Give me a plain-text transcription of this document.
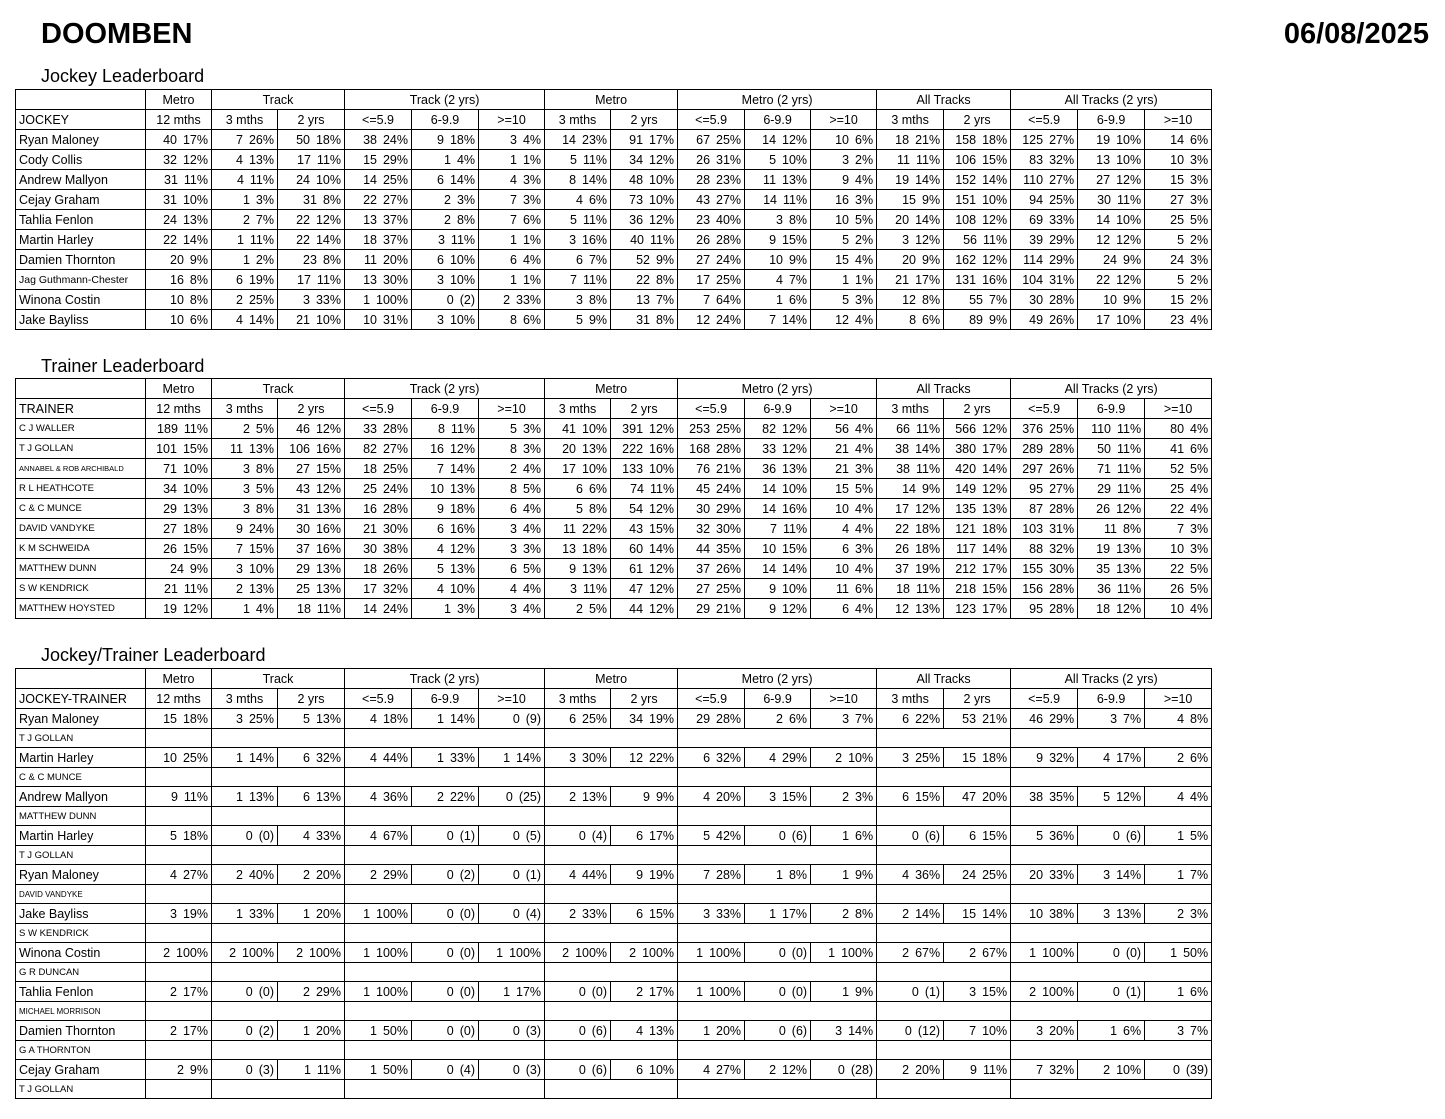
DOOMBEN	06/08/2025
Jockey Leaderboard
	Metro	Track		Track (2 yrs)			Metro		Metro (2 yrs)			All Tracks		All Tracks (2 yrs)		
JOCKEY	12 mths	3 mths	2 yrs	<=5.9	6-9.9	>=10	3 mths	2 yrs	<=5.9	6-9.9	>=10	3 mths	2 yrs	<=5.9	6-9.9	>=10
Ryan Maloney	40 17%	7 26%	50 18%	38 24%	9 18%	3 4%	14 23%	91 17%	67 25%	14 12%	10 6%	18 21%	158 18%	125 27%	19 10%	14 6%
Cody Collis	32 12%	4 13%	17 11%	15 29%	1 4%	1 1%	5 11%	34 12%	26 31%	5 10%	3 2%	11 11%	106 15%	83 32%	13 10%	10 3%
Andrew Mallyon	31 11%	4 11%	24 10%	14 25%	6 14%	4 3%	8 14%	48 10%	28 23%	11 13%	9 4%	19 14%	152 14%	110 27%	27 12%	15 3%
Cejay Graham	31 10%	1 3%	31 8%	22 27%	2 3%	7 3%	4 6%	73 10%	43 27%	14 11%	16 3%	15 9%	151 10%	94 25%	30 11%	27 3%
Tahlia Fenlon	24 13%	2 7%	22 12%	13 37%	2 8%	7 6%	5 11%	36 12%	23 40%	3 8%	10 5%	20 14%	108 12%	69 33%	14 10%	25 5%
Martin Harley	22 14%	1 11%	22 14%	18 37%	3 11%	1 1%	3 16%	40 11%	26 28%	9 15%	5 2%	3 12%	56 11%	39 29%	12 12%	5 2%
Damien Thornton	20 9%	1 2%	23 8%	11 20%	6 10%	6 4%	6 7%	52 9%	27 24%	10 9%	15 4%	20 9%	162 12%	114 29%	24 9%	24 3%
Jag Guthmann-Chester	16 8%	6 19%	17 11%	13 30%	3 10%	1 1%	7 11%	22 8%	17 25%	4 7%	1 1%	21 17%	131 16%	104 31%	22 12%	5 2%
Winona Costin	10 8%	2 25%	3 33%	1 100%	0 (2)	2 33%	3 8%	13 7%	7 64%	1 6%	5 3%	12 8%	55 7%	30 28%	10 9%	15 2%
Jake Bayliss	10 6%	4 14%	21 10%	10 31%	3 10%	8 6%	5 9%	31 8%	12 24%	7 14%	12 4%	8 6%	89 9%	49 26%	17 10%	23 4%
Trainer Leaderboard
	Metro	Track		Track (2 yrs)			Metro		Metro (2 yrs)			All Tracks		All Tracks (2 yrs)		
TRAINER	12 mths	3 mths	2 yrs	<=5.9	6-9.9	>=10	3 mths	2 yrs	<=5.9	6-9.9	>=10	3 mths	2 yrs	<=5.9	6-9.9	>=10
C J WALLER	189 11%	2 5%	46 12%	33 28%	8 11%	5 3%	41 10%	391 12%	253 25%	82 12%	56 4%	66 11%	566 12%	376 25%	110 11%	80 4%
T J GOLLAN	101 15%	11 13%	106 16%	82 27%	16 12%	8 3%	20 13%	222 16%	168 28%	33 12%	21 4%	38 14%	380 17%	289 28%	50 11%	41 6%
ANNABEL & ROB ARCHIBALD	71 10%	3 8%	27 15%	18 25%	7 14%	2 4%	17 10%	133 10%	76 21%	36 13%	21 3%	38 11%	420 14%	297 26%	71 11%	52 5%
R L HEATHCOTE	34 10%	3 5%	43 12%	25 24%	10 13%	8 5%	6 6%	74 11%	45 24%	14 10%	15 5%	14 9%	149 12%	95 27%	29 11%	25 4%
C & C MUNCE	29 13%	3 8%	31 13%	16 28%	9 18%	6 4%	5 8%	54 12%	30 29%	14 16%	10 4%	17 12%	135 13%	87 28%	26 12%	22 4%
DAVID VANDYKE	27 18%	9 24%	30 16%	21 30%	6 16%	3 4%	11 22%	43 15%	32 30%	7 11%	4 4%	22 18%	121 18%	103 31%	11 8%	7 3%
K M SCHWEIDA	26 15%	7 15%	37 16%	30 38%	4 12%	3 3%	13 18%	60 14%	44 35%	10 15%	6 3%	26 18%	117 14%	88 32%	19 13%	10 3%
MATTHEW DUNN	24 9%	3 10%	29 13%	18 26%	5 13%	6 5%	9 13%	61 12%	37 26%	14 14%	10 4%	37 19%	212 17%	155 30%	35 13%	22 5%
S W KENDRICK	21 11%	2 13%	25 13%	17 32%	4 10%	4 4%	3 11%	47 12%	27 25%	9 10%	11 6%	18 11%	218 15%	156 28%	36 11%	26 5%
MATTHEW HOYSTED	19 12%	1 4%	18 11%	14 24%	1 3%	3 4%	2 5%	44 12%	29 21%	9 12%	6 4%	12 13%	123 17%	95 28%	18 12%	10 4%
Jockey/Trainer Leaderboard
	Metro	Track		Track (2 yrs)			Metro		Metro (2 yrs)			All Tracks		All Tracks (2 yrs)		
JOCKEY-TRAINER	12 mths	3 mths	2 yrs	<=5.9	6-9.9	>=10	3 mths	2 yrs	<=5.9	6-9.9	>=10	3 mths	2 yrs	<=5.9	6-9.9	>=10
Ryan Maloney	15 18%	3 25%	5 13%	4 18%	1 14%	0 (9)	6 25%	34 19%	29 28%	2 6%	3 7%	6 22%	53 21%	46 29%	3 7%	4 8%
T J GOLLAN																
Martin Harley	10 25%	1 14%	6 32%	4 44%	1 33%	1 14%	3 30%	12 22%	6 32%	4 29%	2 10%	3 25%	15 18%	9 32%	4 17%	2 6%
C & C MUNCE																
Andrew Mallyon	9 11%	1 13%	6 13%	4 36%	2 22%	0 (25)	2 13%	9 9%	4 20%	3 15%	2 3%	6 15%	47 20%	38 35%	5 12%	4 4%
MATTHEW DUNN																
Martin Harley	5 18%	0 (0)	4 33%	4 67%	0 (1)	0 (5)	0 (4)	6 17%	5 42%	0 (6)	1 6%	0 (6)	6 15%	5 36%	0 (6)	1 5%
T J GOLLAN																
Ryan Maloney	4 27%	2 40%	2 20%	2 29%	0 (2)	0 (1)	4 44%	9 19%	7 28%	1 8%	1 9%	4 36%	24 25%	20 33%	3 14%	1 7%
DAVID VANDYKE																
Jake Bayliss	3 19%	1 33%	1 20%	1 100%	0 (0)	0 (4)	2 33%	6 15%	3 33%	1 17%	2 8%	2 14%	15 14%	10 38%	3 13%	2 3%
S W KENDRICK																
Winona Costin	2 100%	2 100%	2 100%	1 100%	0 (0)	1 100%	2 100%	2 100%	1 100%	0 (0)	1 100%	2 67%	2 67%	1 100%	0 (0)	1 50%
G R DUNCAN																
Tahlia Fenlon	2 17%	0 (0)	2 29%	1 100%	0 (0)	1 17%	0 (0)	2 17%	1 100%	0 (0)	1 9%	0 (1)	3 15%	2 100%	0 (1)	1 6%
MICHAEL MORRISON																
Damien Thornton	2 17%	0 (2)	1 20%	1 50%	0 (0)	0 (3)	0 (6)	4 13%	1 20%	0 (6)	3 14%	0 (12)	7 10%	3 20%	1 6%	3 7%
G A THORNTON																
Cejay Graham	2 9%	0 (3)	1 11%	1 50%	0 (4)	0 (3)	0 (6)	6 10%	4 27%	2 12%	0 (28)	2 20%	9 11%	7 32%	2 10%	0 (39)
T J GOLLAN																
